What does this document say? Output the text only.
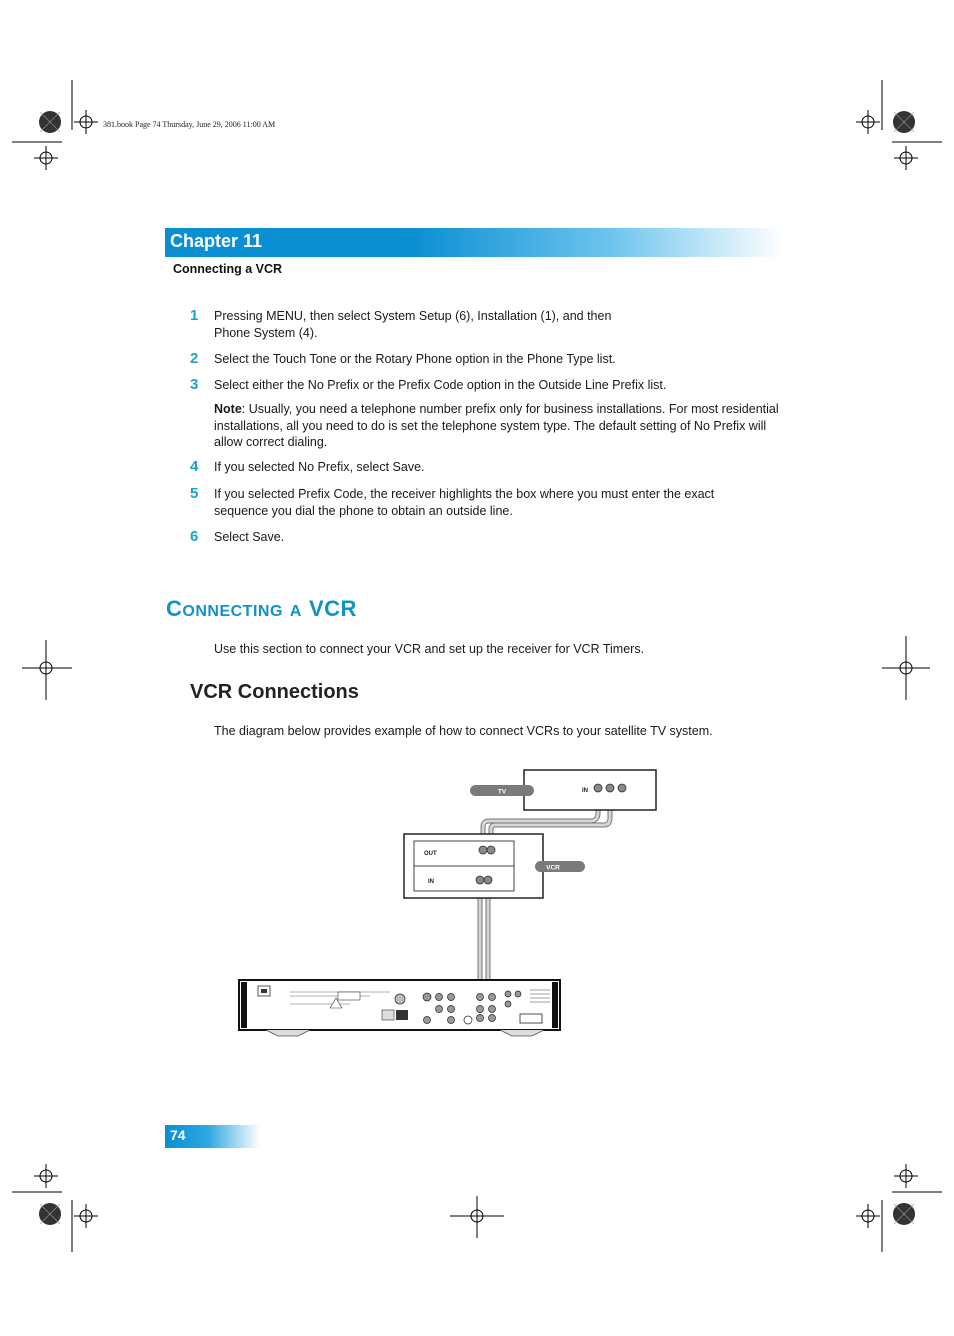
381.book Page 74 Thursday, June 29, 2006 11:00 AM
Chapter 11
Connecting a VCR
1 Pressing MENU, then select System Setup (6), Installation (1), and then Phone System (4).
2 Select the Touch Tone or the Rotary Phone option in the Phone Type list.
3 Select either the No Prefix or the Prefix Code option in the Outside Line Prefix list.
Note: Usually, you need a telephone number prefix only for business installations. For most residential installations, all you need to do is set the telephone system type. The default setting of No Prefix will allow correct dialing.
4 If you selected No Prefix, select Save.
5 If you selected Prefix Code, the receiver highlights the box where you must enter the exact sequence you dial the phone to obtain an outside line.
6 Select Save.
CONNECTING A VCR
Use this section to connect your VCR and set up the receiver for VCR Timers.
VCR Connections
The diagram below provides example of how to connect VCRs to your satellite TV system.
TV	IN
OUT
IN
VCR
74
